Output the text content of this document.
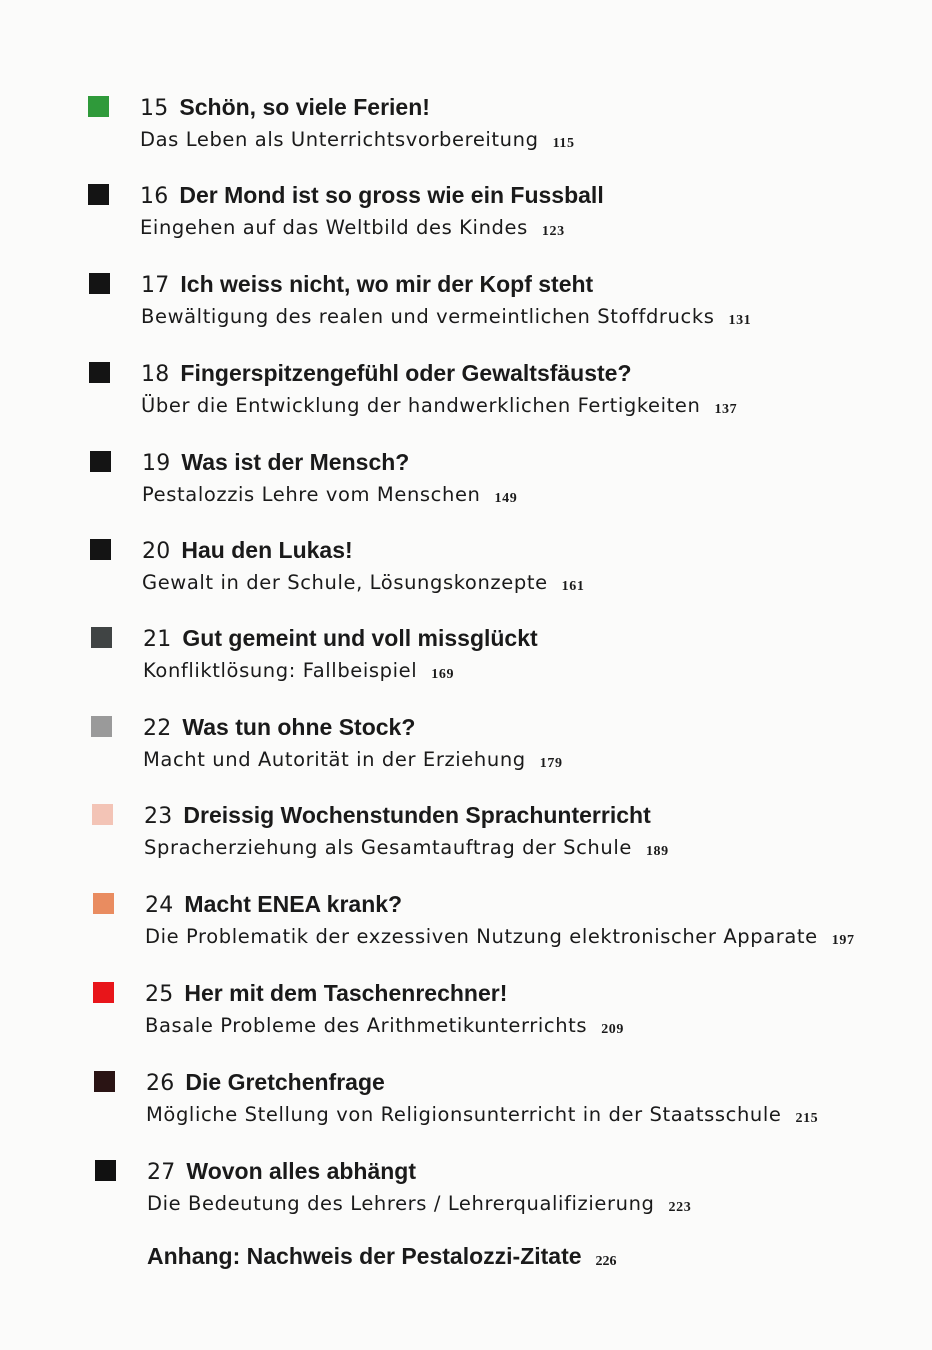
15 Schön, so viele Ferien!
Das Leben als Unterrichtsvorbereitung 115
16 Der Mond ist so gross wie ein Fussball
Eingehen auf das Weltbild des Kindes 123
17 Ich weiss nicht, wo mir der Kopf steht
Bewältigung des realen und vermeintlichen Stoffdrucks 131
18 Fingerspitzengefühl oder Gewaltsfäuste?
Über die Entwicklung der handwerklichen Fertigkeiten 137
19 Was ist der Mensch?
Pestalozzis Lehre vom Menschen 149
20 Hau den Lukas!
Gewalt in der Schule, Lösungskonzepte 161
21 Gut gemeint und voll missglückt
Konfliktlösung: Fallbeispiel 169
22 Was tun ohne Stock?
Macht und Autorität in der Erziehung 179
23 Dreissig Wochenstunden Sprachunterricht
Spracherziehung als Gesamtauftrag der Schule 189
24 Macht ENEA krank?
Die Problematik der exzessiven Nutzung elektronischer Apparate 197
25 Her mit dem Taschenrechner!
Basale Probleme des Arithmetikunterrichts 209
26 Die Gretchenfrage
Mögliche Stellung von Religionsunterricht in der Staatsschule 215
27 Wovon alles abhängt
Die Bedeutung des Lehrers / Lehrerqualifizierung 223
Anhang: Nachweis der Pestalozzi-Zitate 226
